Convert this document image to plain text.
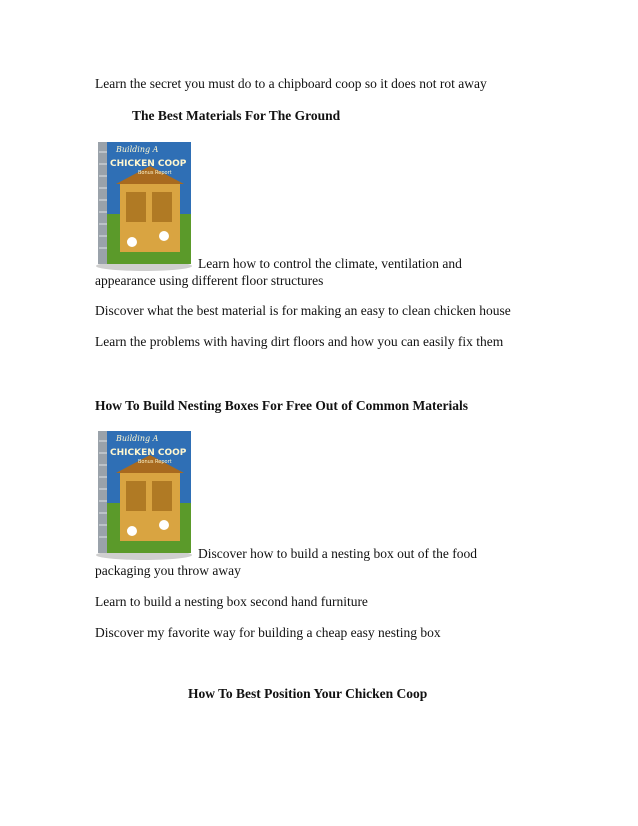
Learn the secret you must do to a chipboard coop so it does not rot away
The Best Materials For The Ground
Building A
CHICKEN COOP
Bonus Report
Learn how to control the climate, ventilation and
appearance using different floor structures
Discover what the best material is for making an easy to clean chicken house
Learn the problems with having dirt floors and how you can easily fix them
How To Build Nesting Boxes For Free Out of Common Materials
Building A
CHICKEN COOP
Bonus Report
Discover how to build a nesting box out of the food
packaging you throw away
Learn to build a nesting box second hand furniture
Discover my favorite way for building a cheap easy nesting box
How To Best Position Your Chicken Coop
